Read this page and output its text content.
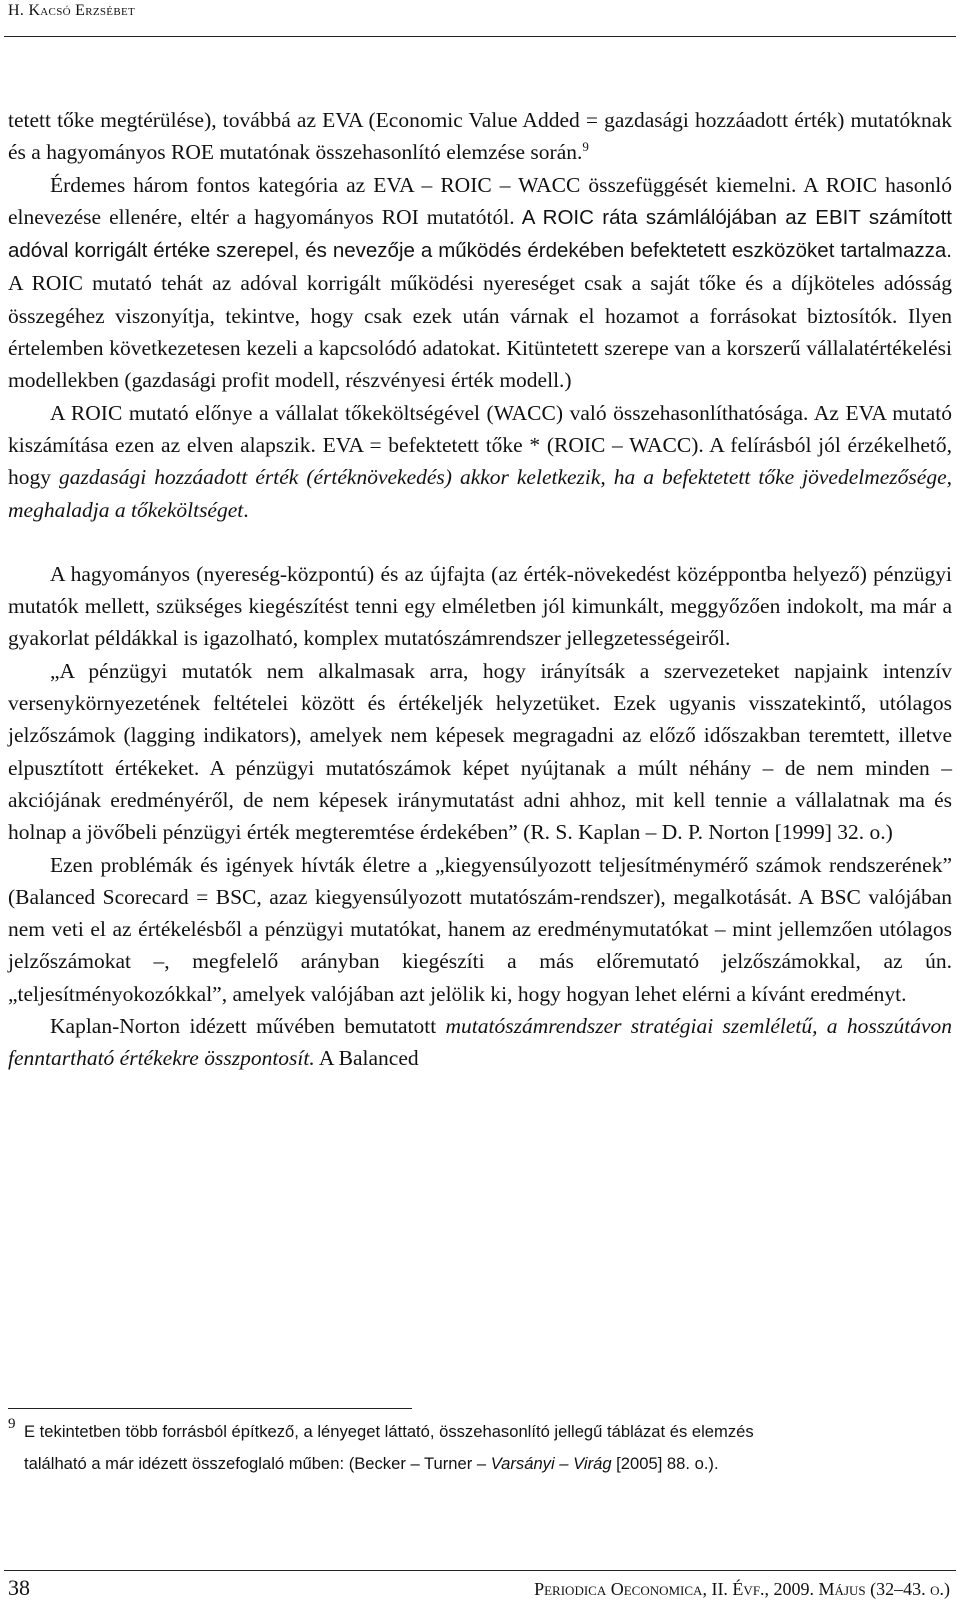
H. Kacsó Erzsébet

tetett tőke megtérülése), továbbá az EVA (Economic Value Added = gazdasági hozzáadott érték) mutatóknak és a hagyományos ROE mutatónak összehasonlító elemzése során.$^9$

Érdemes három fontos kategória az EVA – ROIC – WACC összefüggését kiemelni. A ROIC hasonló elnevezése ellenére, eltér a hagyományos ROI mutatótól. A ROIC ráta számlálójában az EBIT számított adóval korrigált értéke szerepel, és nevezője a működés érdekében befektetett eszközöket tartalmazza. A ROIC mutató tehát az adóval korrigált működési nyereséget csak a saját tőke és a díjköteles adósság összegéhez viszonyítja, tekintve, hogy csak ezek után várnak el hozamot a forrásokat biztosítók. Ilyen értelemben következetesen kezeli a kapcsolódó adatokat. Kitüntetett szerepe van a korszerű vállalatértékelési modellekben (gazdasági profit modell, részvényesi érték modell.)

A ROIC mutató előnye a vállalat tőkeköltségével (WACC) való összehasonlíthatósága. Az EVA mutató kiszámítása ezen az elven alapszik. EVA = befektetett tőke * (ROIC – WACC). A felírásból jól érzékelhető, hogy gazdasági hozzáadott érték (értéknövekedés) akkor keletkezik, ha a befektetett tőke jövedelmezősége, meghaladja a tőkeköltséget.

A hagyományos (nyereség-központú) és az újfajta (az érték-növekedést középpontba helyező) pénzügyi mutatók mellett, szükséges kiegészítést tenni egy elméletben jól kimunkált, meggyőzően indokolt, ma már a gyakorlat példákkal is igazolható, komplex mutatószámrendszer jellegzetességeiről.

„A pénzügyi mutatók nem alkalmasak arra, hogy irányítsák a szervezeteket napjaink intenzív versenykörnyezetének feltételei között és értékeljék helyzetüket. Ezek ugyanis visszatekintő, utólagos jelzőszámok (lagging indikators), amelyek nem képesek megragadni az előző időszakban teremtett, illetve elpusztított értékeket. A pénzügyi mutatószámok képet nyújtanak a múlt néhány – de nem minden – akciójának eredményéről, de nem képesek iránymutatást adni ahhoz, mit kell tennie a vállalatnak ma és holnap a jövőbeli pénzügyi érték megteremtése érdekében” (R. S. Kaplan – D. P. Norton [1999] 32. o.)

Ezen problémák és igények hívták életre a „kiegyensúlyozott teljesítménymérő számok rendszerének” (Balanced Scorecard = BSC, azaz kiegyensúlyozott mutatószám-rendszer), megalkotását. A BSC valójában nem veti el az értékelésből a pénzügyi mutatókat, hanem az eredménymutatókat – mint jellemzően utólagos jelzőszámokat –, megfelelő arányban kiegészíti a más előremutató jelzőszámokkal, az ún. „teljesítményokozókkal”, amelyek valójában azt jelölik ki, hogy hogyan lehet elérni a kívánt eredményt.

Kaplan-Norton idézett művében bemutatott mutatószámrendszer stratégiai szemléletű, a hosszútávon fenntartható értékekre összpontosít. A Balanced

9 E tekintetben több forrásból építkező, a lényeget láttató, összehasonlító jellegű táblázat és elemzés
található a már idézett összefoglaló műben: (Becker – Turner – Varsányi – Virág [2005] 88. o.).
38	Periodica Oeconomica, II. Évf., 2009. Május (32–43. o.)
